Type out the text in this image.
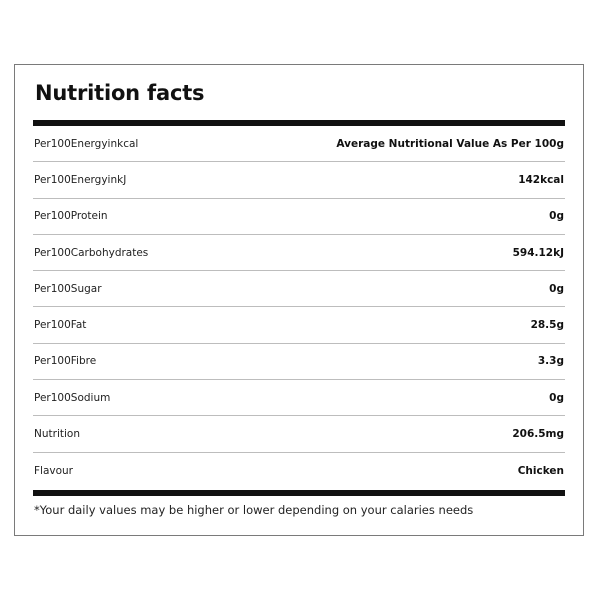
Nutrition facts
Per100Energyinkcal	Average Nutritional Value As Per 100g
Per100EnergyinkJ	142kcal
Per100Protein	0g
Per100Carbohydrates	594.12kJ
Per100Sugar	0g
Per100Fat	28.5g
Per100Fibre	3.3g
Per100Sodium	0g
Nutrition	206.5mg
Flavour	Chicken

*Your daily values may be higher or lower depending on your calaries needs
